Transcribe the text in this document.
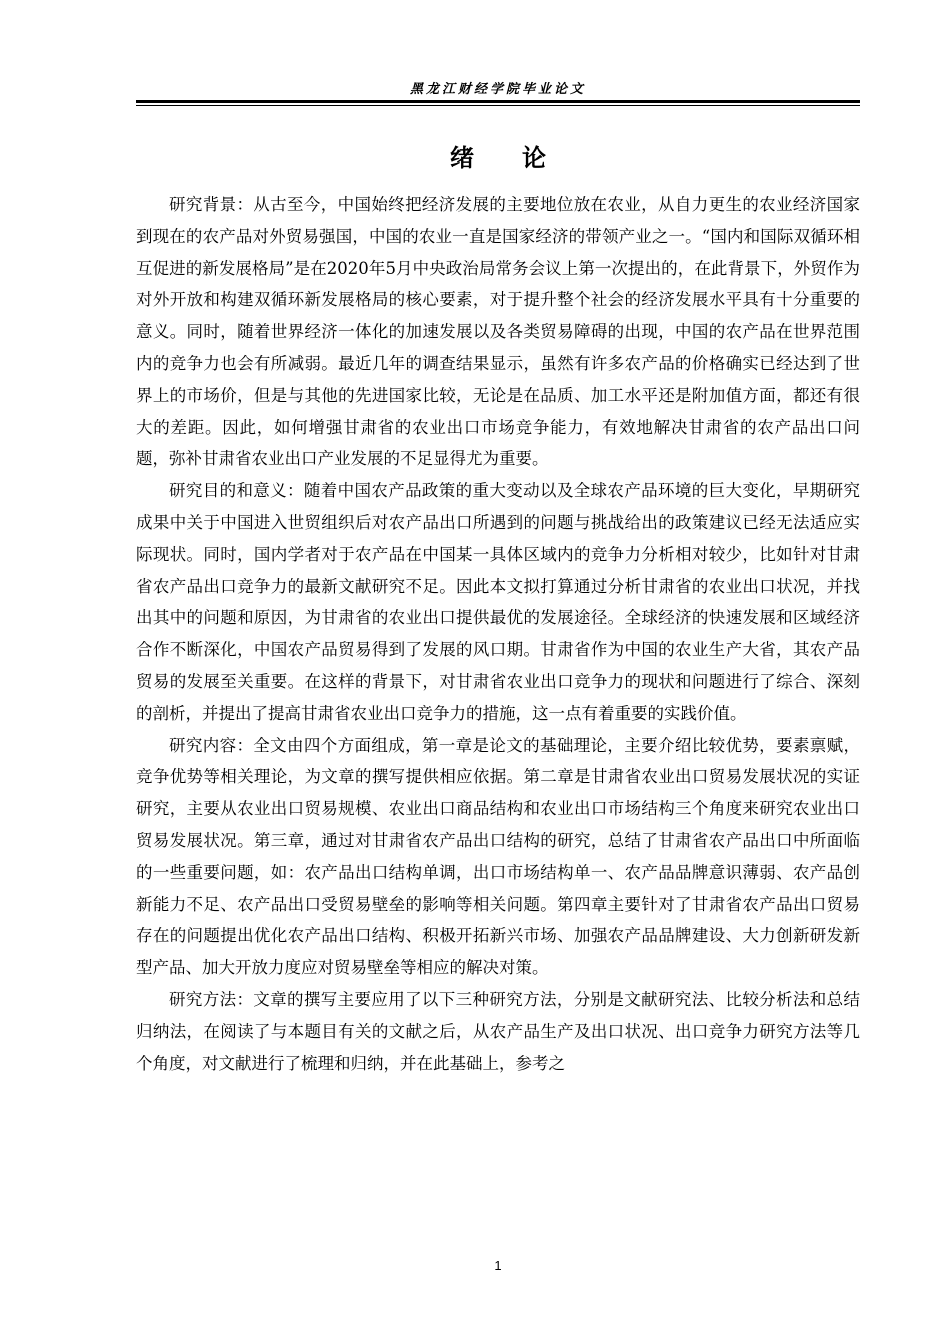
黑龙江财经学院毕业论文
绪论

研究背景：从古至今，中国始终把经济发展的主要地位放在农业，从自力更生的农业经济国家到现在的农产品对外贸易强国，中国的农业一直是国家经济的带领产业之一。“国内和国际双循环相互促进的新发展格局”是在2020年5月中央政治局常务会议上第一次提出的，在此背景下，外贸作为对外开放和构建双循环新发展格局的核心要素，对于提升整个社会的经济发展水平具有十分重要的意义。同时，随着世界经济一体化的加速发展以及各类贸易障碍的出现，中国的农产品在世界范围内的竞争力也会有所减弱。最近几年的调查结果显示，虽然有许多农产品的价格确实已经达到了世界上的市场价，但是与其他的先进国家比较，无论是在品质、加工水平还是附加值方面，都还有很大的差距。因此，如何增强甘肃省的农业出口市场竞争能力，有效地解决甘肃省的农产品出口问题，弥补甘肃省农业出口产业发展的不足显得尤为重要。

研究目的和意义：随着中国农产品政策的重大变动以及全球农产品环境的巨大变化，早期研究成果中关于中国进入世贸组织后对农产品出口所遇到的问题与挑战给出的政策建议已经无法适应实际现状。同时，国内学者对于农产品在中国某一具体区域内的竞争力分析相对较少，比如针对甘肃省农产品出口竞争力的最新文献研究不足。因此本文拟打算通过分析甘肃省的农业出口状况，并找出其中的问题和原因，为甘肃省的农业出口提供最优的发展途径。全球经济的快速发展和区域经济合作不断深化，中国农产品贸易得到了发展的风口期。甘肃省作为中国的农业生产大省，其农产品贸易的发展至关重要。在这样的背景下，对甘肃省农业出口竞争力的现状和问题进行了综合、深刻的剖析，并提出了提高甘肃省农业出口竞争力的措施，这一点有着重要的实践价值。

研究内容：全文由四个方面组成，第一章是论文的基础理论，主要介绍比较优势，要素禀赋，竞争优势等相关理论，为文章的撰写提供相应依据。第二章是甘肃省农业出口贸易发展状况的实证研究，主要从农业出口贸易规模、农业出口商品结构和农业出口市场结构三个角度来研究农业出口贸易发展状况。第三章，通过对甘肃省农产品出口结构的研究，总结了甘肃省农产品出口中所面临的一些重要问题，如：农产品出口结构单调，出口市场结构单一、农产品品牌意识薄弱、农产品创新能力不足、农产品出口受贸易壁垒的影响等相关问题。第四章主要针对了甘肃省农产品出口贸易存在的问题提出优化农产品出口结构、积极开拓新兴市场、加强农产品品牌建设、大力创新研发新型产品、加大开放力度应对贸易壁垒等相应的解决对策。

研究方法：文章的撰写主要应用了以下三种研究方法，分别是文献研究法、比较分析法和总结归纳法，在阅读了与本题目有关的文献之后，从农产品生产及出口状况、出口竞争力研究方法等几个角度，对文献进行了梳理和归纳，并在此基础上，参考之

1
